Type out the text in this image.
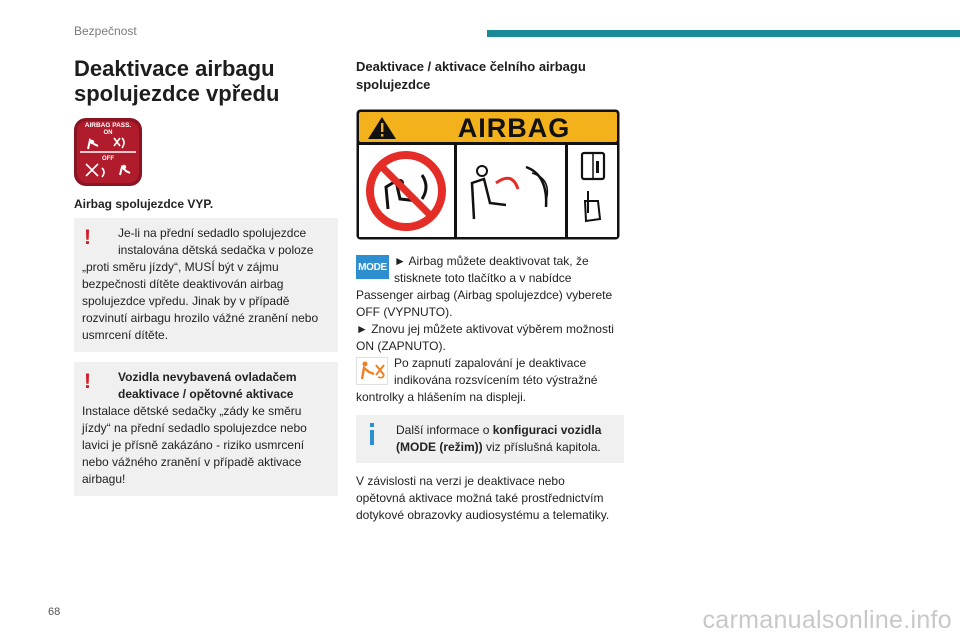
Bezpečnost
Deaktivace airbagu
spolujezdce vpředu
AIRBAG PASS.
ON
OFF
Airbag spolujezdce VYP.
!	Je-li na přední sedadlo spolujezdce
instalována dětská sedačka v poloze
„proti směru jízdy“, MUSÍ být v zájmu
bezpečnosti dítěte deaktivován airbag
spolujezdce vpředu. Jinak by v případě
rozvinutí airbagu hrozilo vážné zranění nebo
usmrcení dítěte.
!	Vozidla nevybavená ovladačem
deaktivace / opětovné aktivace
Instalace dětské sedačky „zády ke směru
jízdy“ na přední sedadlo spolujezdce nebo
lavici je přísně zakázáno - riziko usmrcení
nebo vážného zranění v případě aktivace
airbagu!
Deaktivace / aktivace čelního airbagu
spolujezdce
AIRBAG
MODE ► Airbag můžete deaktivovat tak, že
stisknete toto tlačítko a v nabídce
Passenger airbag (Airbag spolujezdce) vyberete
OFF (VYPNUTO).
► Znovu jej můžete aktivovat výběrem možnosti
ON (ZAPNUTO).
Po zapnutí zapalování je deaktivace
indikována rozsvícením této výstražné
kontrolky a hlášením na displeji.
Další informace o konfiguraci vozidla
(MODE (režim)) viz příslušná kapitola.
V závislosti na verzi je deaktivace nebo
opětovná aktivace možná také prostřednictvím
dotykové obrazovky audiosystému a telematiky.
68	carmanualsonline.info
